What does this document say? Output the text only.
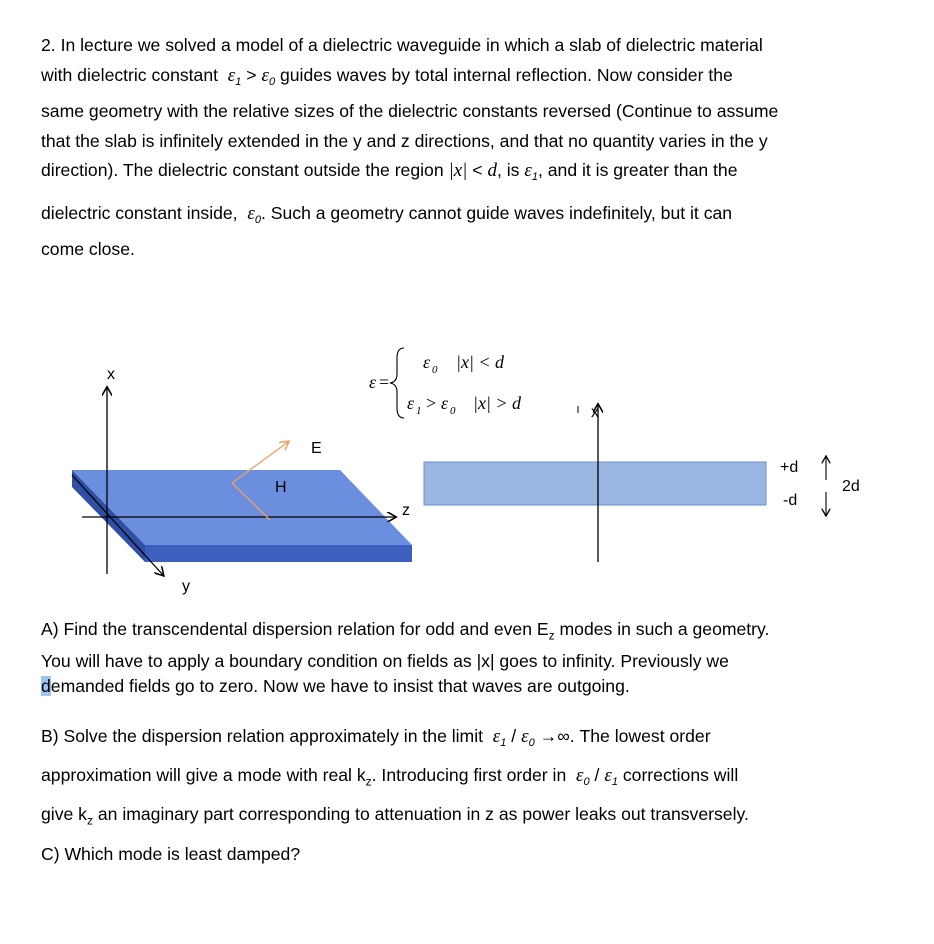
2. In lecture we solved a model of a dielectric waveguide in which a slab of dielectric material
with dielectric constant $\varepsilon_1 > \varepsilon_0$ guides waves by total internal reflection. Now consider the
same geometry with the relative sizes of the dielectric constants reversed (Continue to assume
that the slab is infinitely extended in the y and z directions, and that no quantity varies in the y
direction). The dielectric constant outside the region |x| < d, is $\varepsilon_1$, and it is greater than the
dielectric constant inside, $\varepsilon_0$. Such a geometry cannot guide waves indefinitely, but it can
come close.
ε =
ε 0 |x| < d
ε 1 > ε 0 |x| > d
x
E
H
z
y
x
+d
-d
2d
A) Find the transcendental dispersion relation for odd and even $E_z$ modes in such a geometry.
You will have to apply a boundary condition on fields as |x| goes to infinity. Previously we
demanded fields go to zero. Now we have to insist that waves are outgoing.
B) Solve the dispersion relation approximately in the limit $\varepsilon_1 / \varepsilon_0$ →∞. The lowest order
approximation will give a mode with real $k_z$. Introducing first order in $\varepsilon_0 / \varepsilon_1$ corrections will
give $k_z$ an imaginary part corresponding to attenuation in z as power leaks out transversely.
C) Which mode is least damped?
